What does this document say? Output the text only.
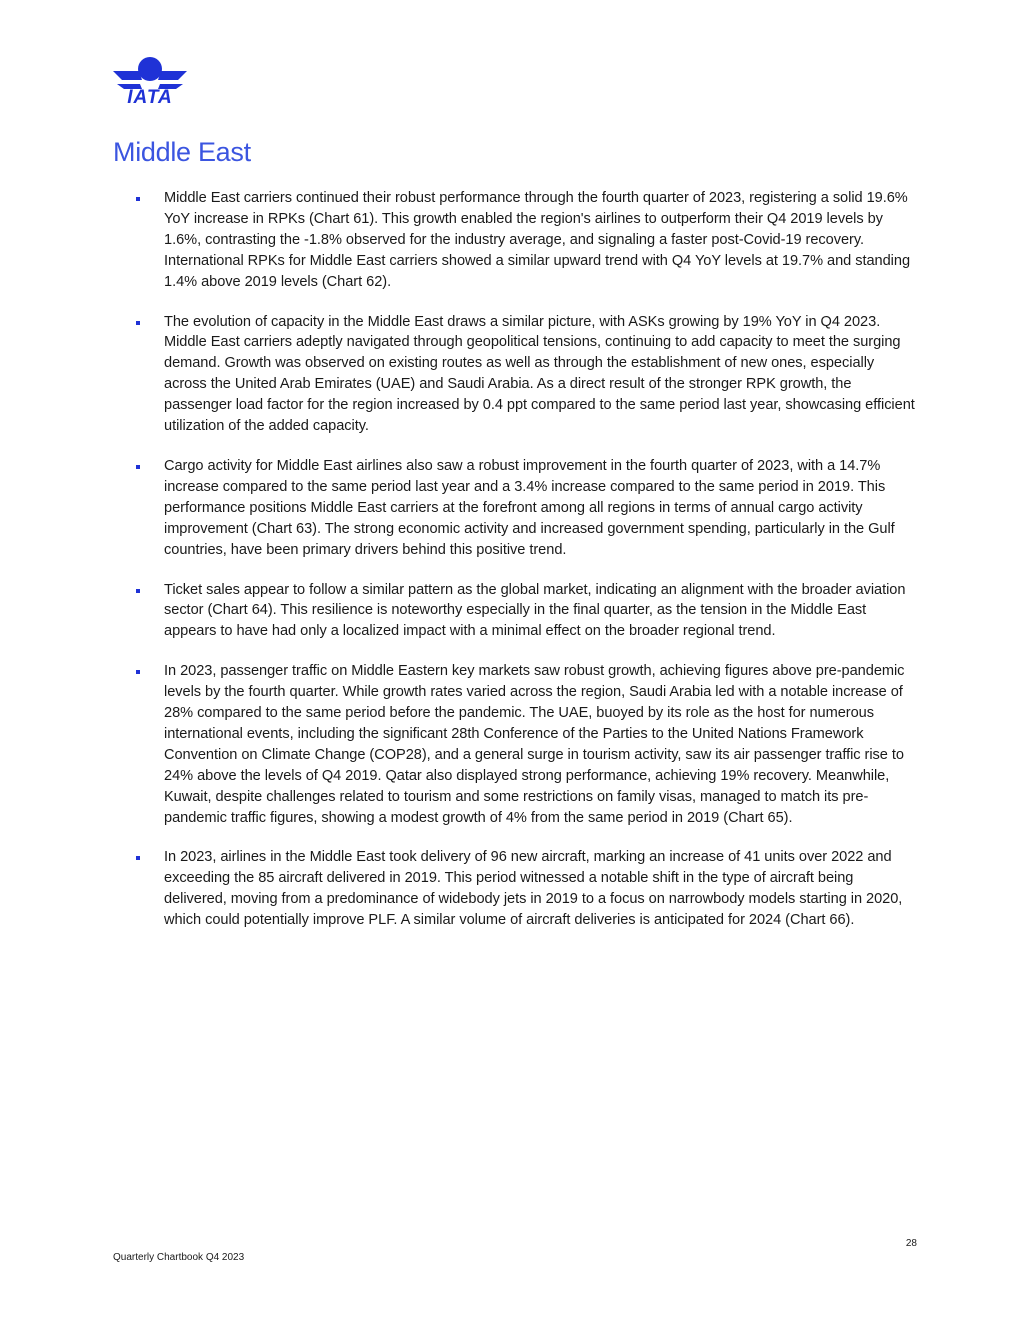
IATA
Middle East
Middle East carriers continued their robust performance through the fourth quarter of 2023, registering a solid 19.6% YoY increase in RPKs (Chart 61). This growth enabled the region's airlines to outperform their Q4 2019 levels by 1.6%, contrasting the -1.8% observed for the industry average, and signaling a faster post-Covid-19 recovery. International RPKs for Middle East carriers showed a similar upward trend with Q4 YoY levels at 19.7% and standing 1.4% above 2019 levels (Chart 62).
The evolution of capacity in the Middle East draws a similar picture, with ASKs growing by 19% YoY in Q4 2023. Middle East carriers adeptly navigated through geopolitical tensions, continuing to add capacity to meet the surging demand. Growth was observed on existing routes as well as through the establishment of new ones, especially across the United Arab Emirates (UAE) and Saudi Arabia. As a direct result of the stronger RPK growth, the passenger load factor for the region increased by 0.4 ppt compared to the same period last year, showcasing efficient utilization of the added capacity.
Cargo activity for Middle East airlines also saw a robust improvement in the fourth quarter of 2023, with a 14.7% increase compared to the same period last year and a 3.4% increase compared to the same period in 2019. This performance positions Middle East carriers at the forefront among all regions in terms of annual cargo activity improvement (Chart 63). The strong economic activity and increased government spending, particularly in the Gulf countries, have been primary drivers behind this positive trend.
Ticket sales appear to follow a similar pattern as the global market, indicating an alignment with the broader aviation sector (Chart 64). This resilience is noteworthy especially in the final quarter, as the tension in the Middle East appears to have had only a localized impact with a minimal effect on the broader regional trend.
In 2023, passenger traffic on Middle Eastern key markets saw robust growth, achieving figures above pre-pandemic levels by the fourth quarter. While growth rates varied across the region, Saudi Arabia led with a notable increase of 28% compared to the same period before the pandemic. The UAE, buoyed by its role as the host for numerous international events, including the significant 28th Conference of the Parties to the United Nations Framework Convention on Climate Change (COP28), and a general surge in tourism activity, saw its air passenger traffic rise to 24% above the levels of Q4 2019. Qatar also displayed strong performance, achieving 19% recovery. Meanwhile, Kuwait, despite challenges related to tourism and some restrictions on family visas, managed to match its pre-pandemic traffic figures, showing a modest growth of 4% from the same period in 2019 (Chart 65).
In 2023, airlines in the Middle East took delivery of 96 new aircraft, marking an increase of 41 units over 2022 and exceeding the 85 aircraft delivered in 2019. This period witnessed a notable shift in the type of aircraft being delivered, moving from a predominance of widebody jets in 2019 to a focus on narrowbody models starting in 2020, which could potentially improve PLF. A similar volume of aircraft deliveries is anticipated for 2024 (Chart 66).
28
Quarterly Chartbook Q4 2023
